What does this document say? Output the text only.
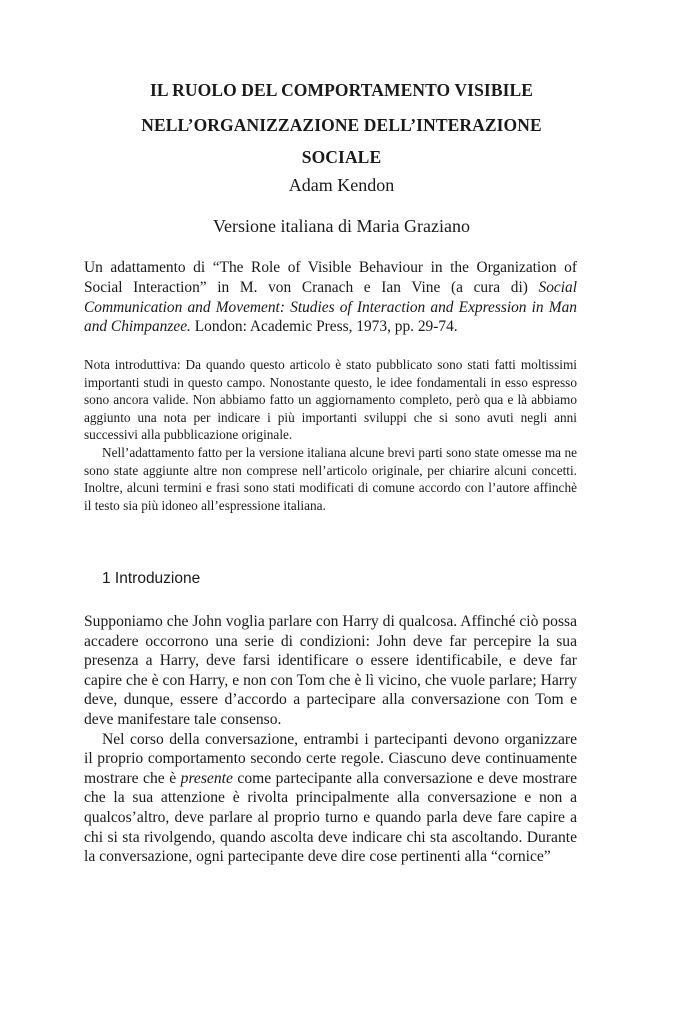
IL RUOLO DEL COMPORTAMENTO VISIBILE
NELL’ORGANIZZAZIONE DELL’INTERAZIONE
SOCIALE
Adam Kendon
Versione italiana di Maria Graziano
Un adattamento di “The Role of Visible Behaviour in the Organization of Social Interaction” in M. von Cranach e Ian Vine (a cura di) Social Communication and Movement: Studies of Interaction and Expression in Man and Chimpanzee. London: Academic Press, 1973, pp. 29-74.

Nota introduttiva: Da quando questo articolo è stato pubblicato sono stati fatti moltissimi importanti studi in questo campo. Nonostante questo, le idee fondamentali in esso espresso sono ancora valide. Non abbiamo fatto un aggiornamento completo, però qua e là abbiamo aggiunto una nota per indicare i più importanti sviluppi che si sono avuti negli anni successivi alla pubblicazione originale.

Nell’adattamento fatto per la versione italiana alcune brevi parti sono state omesse ma ne sono state aggiunte altre non comprese nell’articolo originale, per chiarire alcuni concetti. Inoltre, alcuni termini e frasi sono stati modificati di comune accordo con l’autore affinchè il testo sia più idoneo all’espressione italiana.

1 Introduzione

Supponiamo che John voglia parlare con Harry di qualcosa. Affinché ciò possa accadere occorrono una serie di condizioni: John deve far percepire la sua presenza a Harry, deve farsi identificare o essere identificabile, e deve far capire che è con Harry, e non con Tom che è lì vicino, che vuole parlare; Harry deve, dunque, essere d’accordo a partecipare alla conversazione con Tom e deve manifestare tale consenso.

Nel corso della conversazione, entrambi i partecipanti devono organizzare il proprio comportamento secondo certe regole. Ciascuno deve continuamente mostrare che è presente come partecipante alla conversazione e deve mostrare che la sua attenzione è rivolta principalmente alla conversazione e non a qualcos’altro, deve parlare al proprio turno e quando parla deve fare capire a chi si sta rivolgendo, quando ascolta deve indicare chi sta ascoltando. Durante la conversazione, ogni partecipante deve dire cose pertinenti alla “cornice”
